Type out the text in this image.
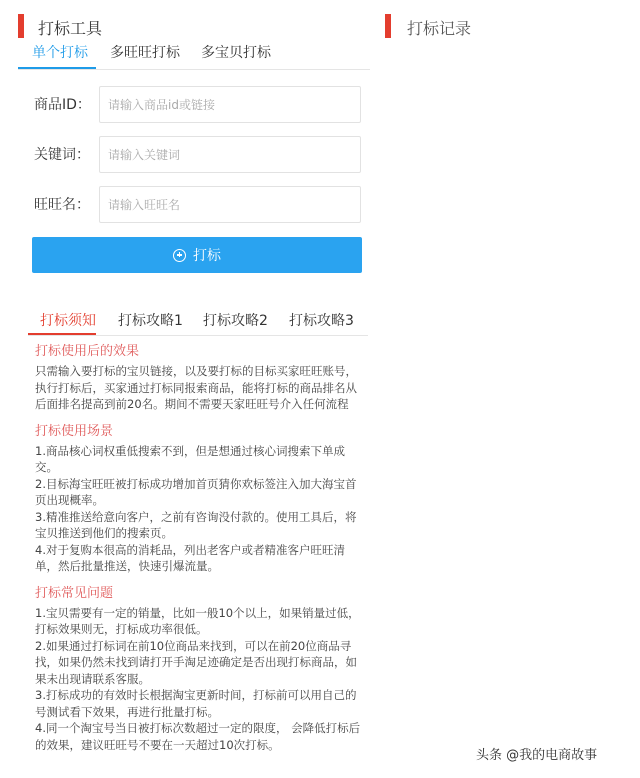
打标工具
单个打标 多旺旺打标 多宝贝打标
商品ID：
请输入商品id或链接
关键词：
请输入关键词
旺旺名：
请输入旺旺名
打标
打标须知 打标攻略1 打标攻略2 打标攻略3
打标使用后的效果

只需输入要打标的宝贝链接，以及要打标的目标买家旺旺账号，执行打标后，买家通过打标同报索商品，能将打标的商品排名从后面排名提高到前20名。期间不需要天家旺旺号介入任何流程

打标使用场景

1.商品核心词权重低搜索不到，但是想通过核心词搜索下单成交。

2.目标海宝旺旺被打标成功增加首页猜你欢标签注入加大海宝首页出现概率。

3.精准推送给意向客户，之前有咨询没付款的。使用工具后，将宝贝推送到他们的搜索页。

4.对于复购本很高的消耗品，列出老客户或者精准客户旺旺清单，然后批量推送，快速引爆流量。

打标常见问题

1.宝贝需要有一定的销量，比如一般10个以上，如果销量过低，打标效果则无，打标成功率很低。

2.如果通过打标词在前10位商品来找到，可以在前20位商品寻找，如果仍然未找到请打开手淘足迹确定是否出现打标商品，如果未出现请联系客服。

3.打标成功的有效时长根据淘宝更新时间，打标前可以用自己的号测试看下效果，再进行批量打标。

4.同一个淘宝号当日被打标次数超过一定的限度， 会降低打标后的效果，建议旺旺号不要在一天超过10次打标。

打标记录
头条 @我的电商故事
